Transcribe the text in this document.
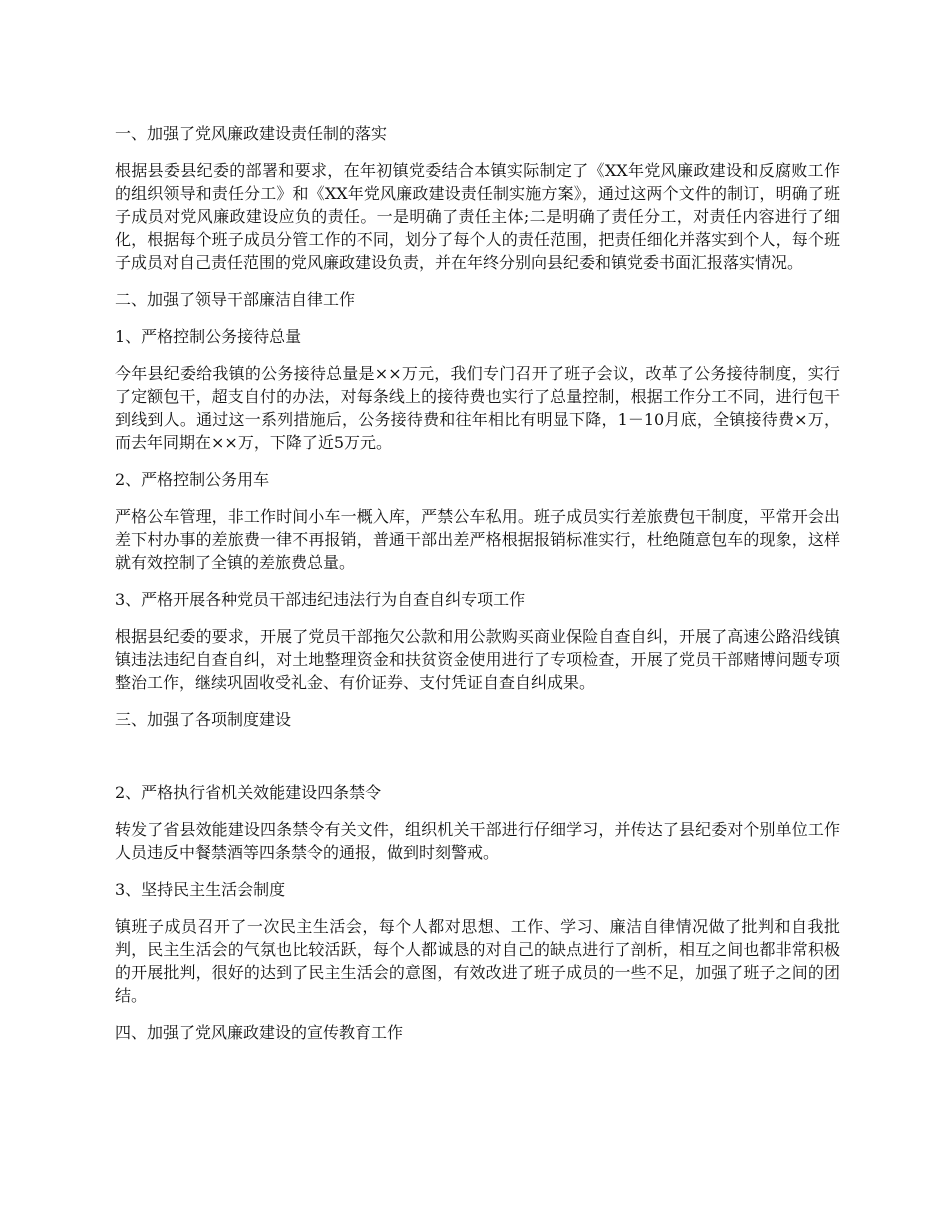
一、加强了党风廉政建设责任制的落实

根据县委县纪委的部署和要求，在年初镇党委结合本镇实际制定了《XX年党风廉政建设和反腐败工作的组织领导和责任分工》和《XX年党风廉政建设责任制实施方案》，通过这两个文件的制订，明确了班子成员对党风廉政建设应负的责任。一是明确了责任主体;二是明确了责任分工，对责任内容进行了细化，根据每个班子成员分管工作的不同，划分了每个人的责任范围，把责任细化并落实到个人，每个班子成员对自己责任范围的党风廉政建设负责，并在年终分别向县纪委和镇党委书面汇报落实情况。

二、加强了领导干部廉洁自律工作

1、严格控制公务接待总量

今年县纪委给我镇的公务接待总量是××万元，我们专门召开了班子会议，改革了公务接待制度，实行了定额包干，超支自付的办法，对每条线上的接待费也实行了总量控制，根据工作分工不同，进行包干到线到人。通过这一系列措施后，公务接待费和往年相比有明显下降，1－10月底，全镇接待费×万，而去年同期在××万，下降了近5万元。

2、严格控制公务用车

严格公车管理，非工作时间小车一概入库，严禁公车私用。班子成员实行差旅费包干制度，平常开会出差下村办事的差旅费一律不再报销，普通干部出差严格根据报销标准实行，杜绝随意包车的现象，这样就有效控制了全镇的差旅费总量。

3、严格开展各种党员干部违纪违法行为自查自纠专项工作

根据县纪委的要求，开展了党员干部拖欠公款和用公款购买商业保险自查自纠，开展了高速公路沿线镇镇违法违纪自查自纠，对土地整理资金和扶贫资金使用进行了专项检查，开展了党员干部赌博问题专项整治工作，继续巩固收受礼金、有价证券、支付凭证自查自纠成果。

三、加强了各项制度建设

2、严格执行省机关效能建设四条禁令

转发了省县效能建设四条禁令有关文件，组织机关干部进行仔细学习，并传达了县纪委对个别单位工作人员违反中餐禁酒等四条禁令的通报，做到时刻警戒。

3、坚持民主生活会制度

镇班子成员召开了一次民主生活会，每个人都对思想、工作、学习、廉洁自律情况做了批判和自我批判，民主生活会的气氛也比较活跃，每个人都诚恳的对自己的缺点进行了剖析，相互之间也都非常积极的开展批判，很好的达到了民主生活会的意图，有效改进了班子成员的一些不足，加强了班子之间的团结。

四、加强了党风廉政建设的宣传教育工作
